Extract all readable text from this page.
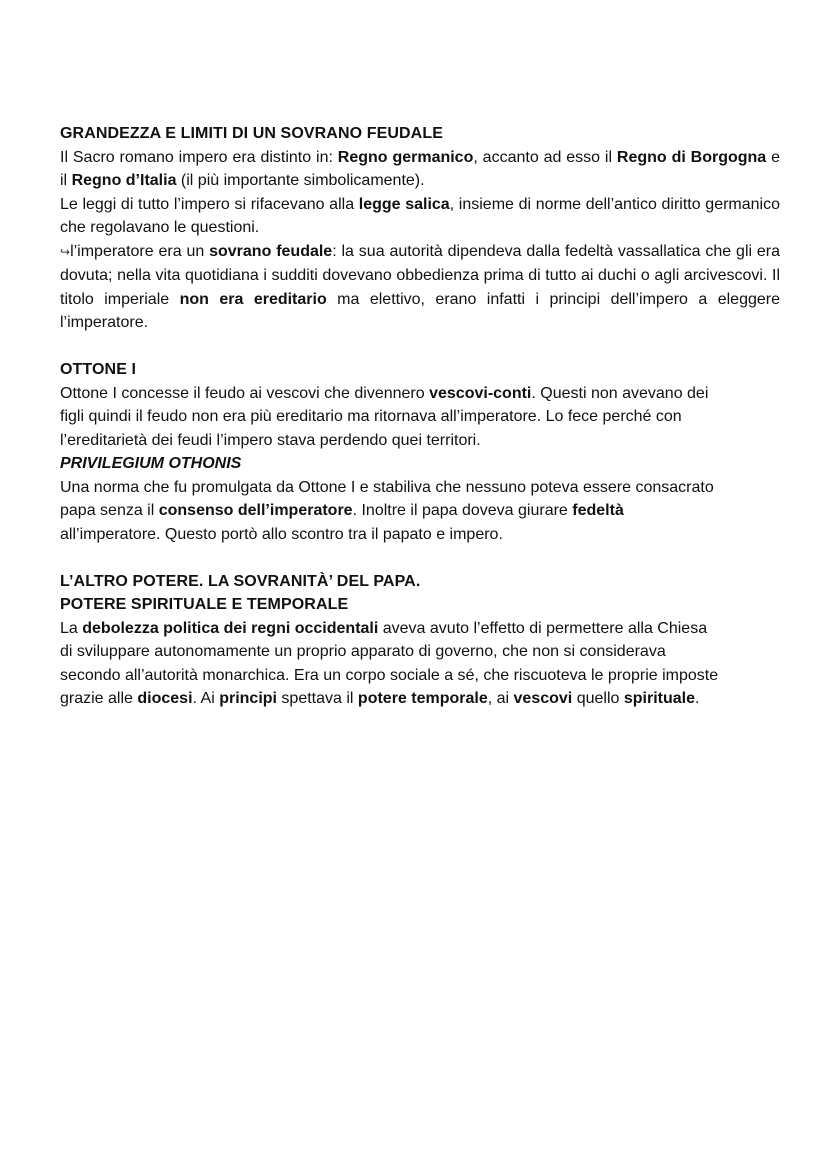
GRANDEZZA E LIMITI DI UN SOVRANO FEUDALE

Il Sacro romano impero era distinto in: Regno germanico, accanto ad esso il Regno di Borgogna e il Regno d’Italia (il più importante simbolicamente).

Le leggi di tutto l’impero si rifacevano alla legge salica, insieme di norme dell’antico diritto germanico che regolavano le questioni.

↪l’imperatore era un sovrano feudale: la sua autorità dipendeva dalla fedeltà vassallatica che gli era dovuta; nella vita quotidiana i sudditi dovevano obbedienza prima di tutto ai duchi o agli arcivescovi. Il titolo imperiale non era ereditario ma elettivo, erano infatti i principi dell’impero a eleggere l’imperatore.

OTTONE I

Ottone I concesse il feudo ai vescovi che divennero vescovi-conti. Questi non avevano dei figli quindi il feudo non era più ereditario ma ritornava all’imperatore. Lo fece perché con l’ereditarietà dei feudi l’impero stava perdendo quei territori.

PRIVILEGIUM OTHONIS

Una norma che fu promulgata da Ottone I e stabiliva che nessuno poteva essere consacrato papa senza il consenso dell’imperatore. Inoltre il papa doveva giurare fedeltà all’imperatore. Questo portò allo scontro tra il papato e impero.

L’ALTRO POTERE. LA SOVRANITÀ’ DEL PAPA.
POTERE SPIRITUALE E TEMPORALE

La debolezza politica dei regni occidentali aveva avuto l’effetto di permettere alla Chiesa di sviluppare autonomamente un proprio apparato di governo, che non si considerava secondo all’autorità monarchica. Era un corpo sociale a sé, che riscuoteva le proprie imposte grazie alle diocesi. Ai principi spettava il potere temporale, ai vescovi quello spirituale.
